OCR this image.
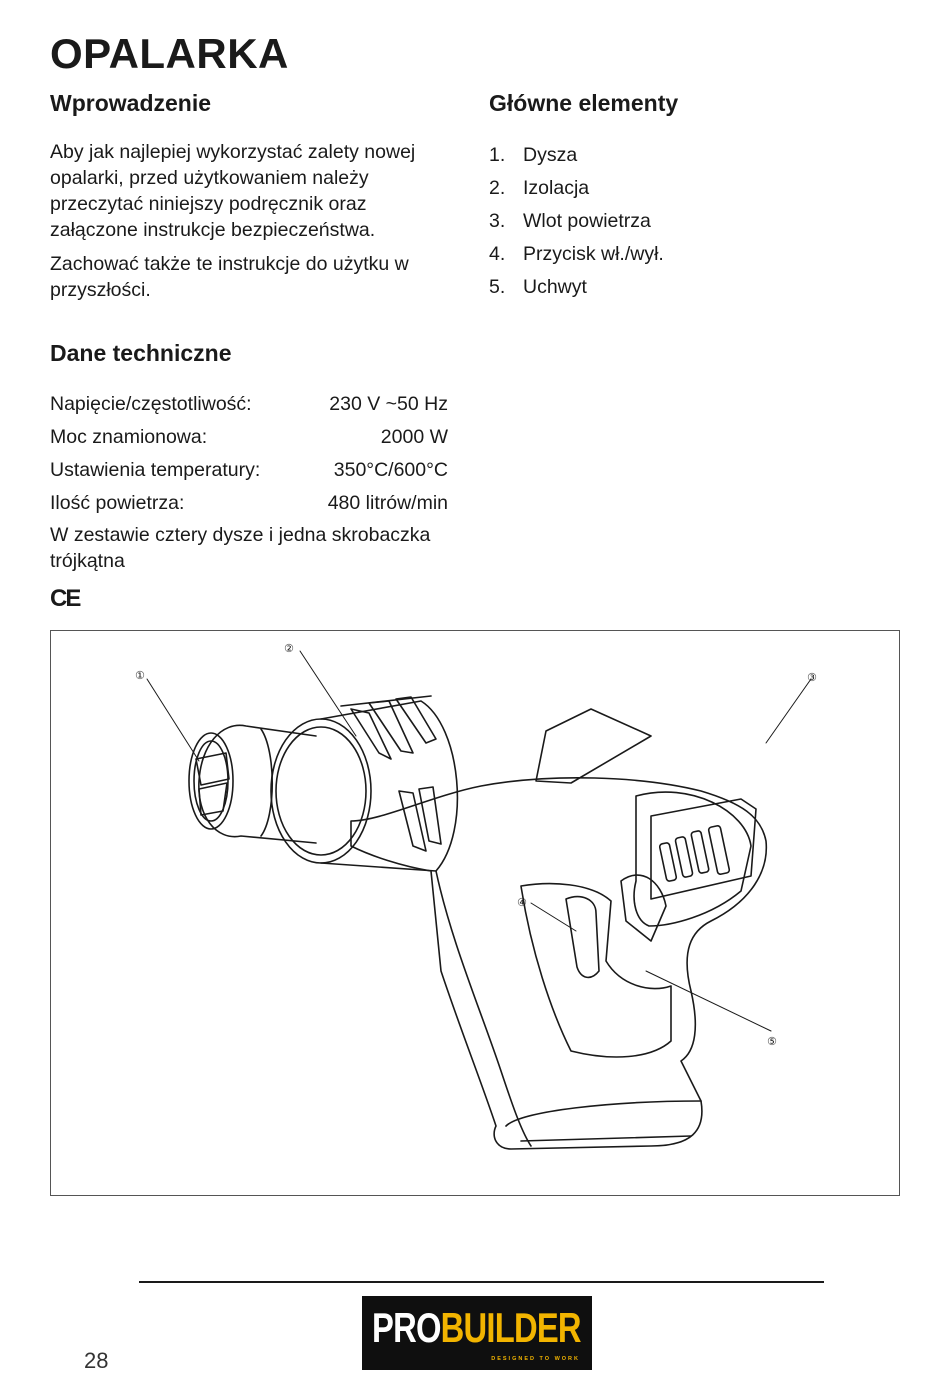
OPALARKA
Wprowadzenie

Aby jak najlepiej wykorzystać zalety nowej opalarki, przed użytkowaniem należy przeczytać niniejszy podręcznik oraz załączone instrukcje bezpieczeństwa.

Zachować także te instrukcje do użytku w przyszłości.

Główne elementy
1. Dysza
2. Izolacja
3. Wlot powietrza
4. Przycisk wł./wył.
5. Uchwyt
Dane techniczne
Napięcie/częstotliwość:	230 V ~50 Hz
Moc znamionowa:	2000 W
Ustawienia temperatury:	350°C/600°C
Ilość powietrza:	480 litrów/min
W zestawie cztery dysze i jedna skrobaczka trójkątna
CE
①
②
③
④
⑤
28
PROBUILDER
DESIGNED TO WORK
